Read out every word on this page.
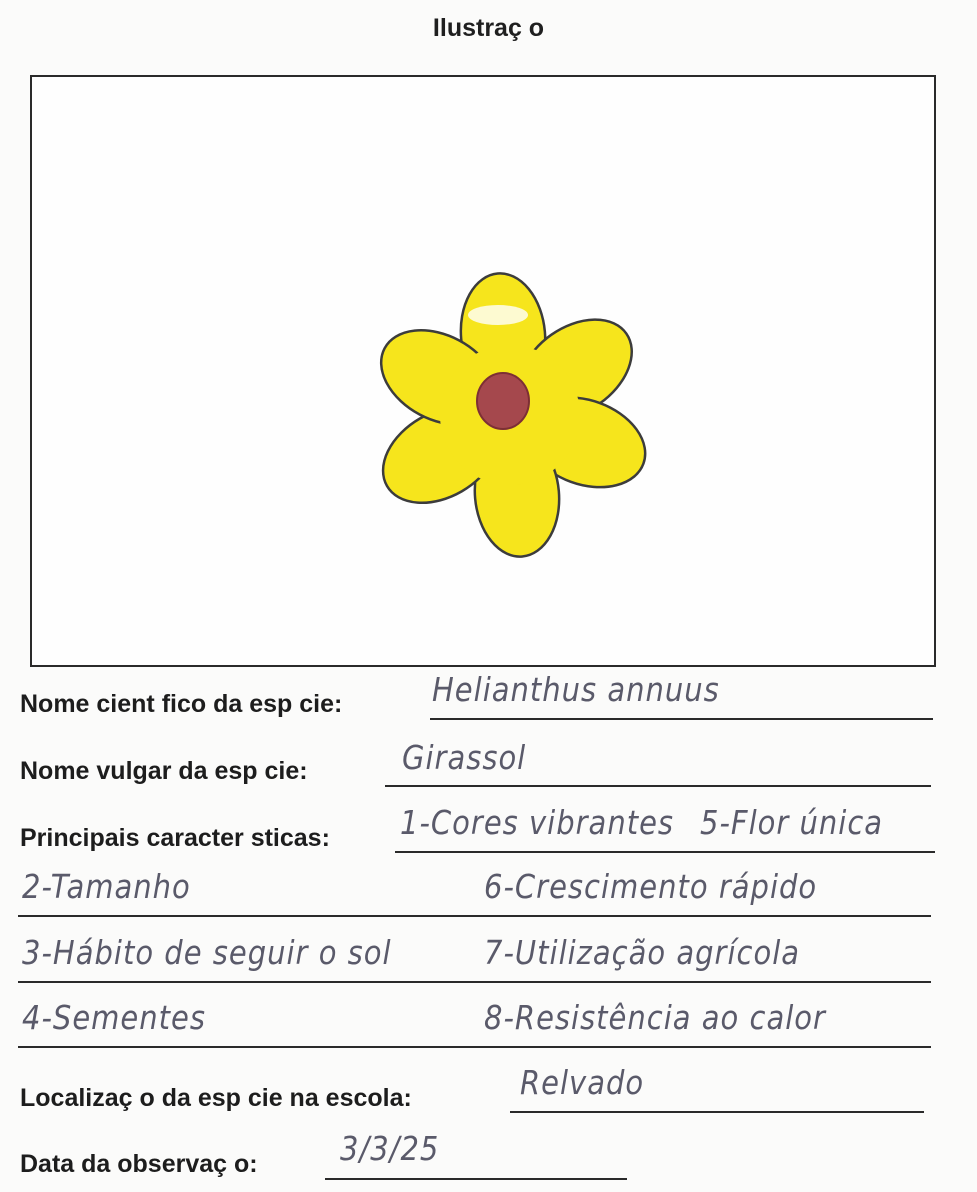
Ilustraç o
Nome cient fico da esp cie:	Helianthus annuus
Nome vulgar da esp cie:	Girassol
Principais caracter sticas: 1-Cores vibrantes 5-Flor única
2-Tamanho	6-Crescimento rápido
3-Hábito de seguir o sol	7-Utilização agrícola
4-Sementes	8-Resistência ao calor
Localizaç o da esp cie na escola:	Relvado
Data da observaç o:	3/3/25
